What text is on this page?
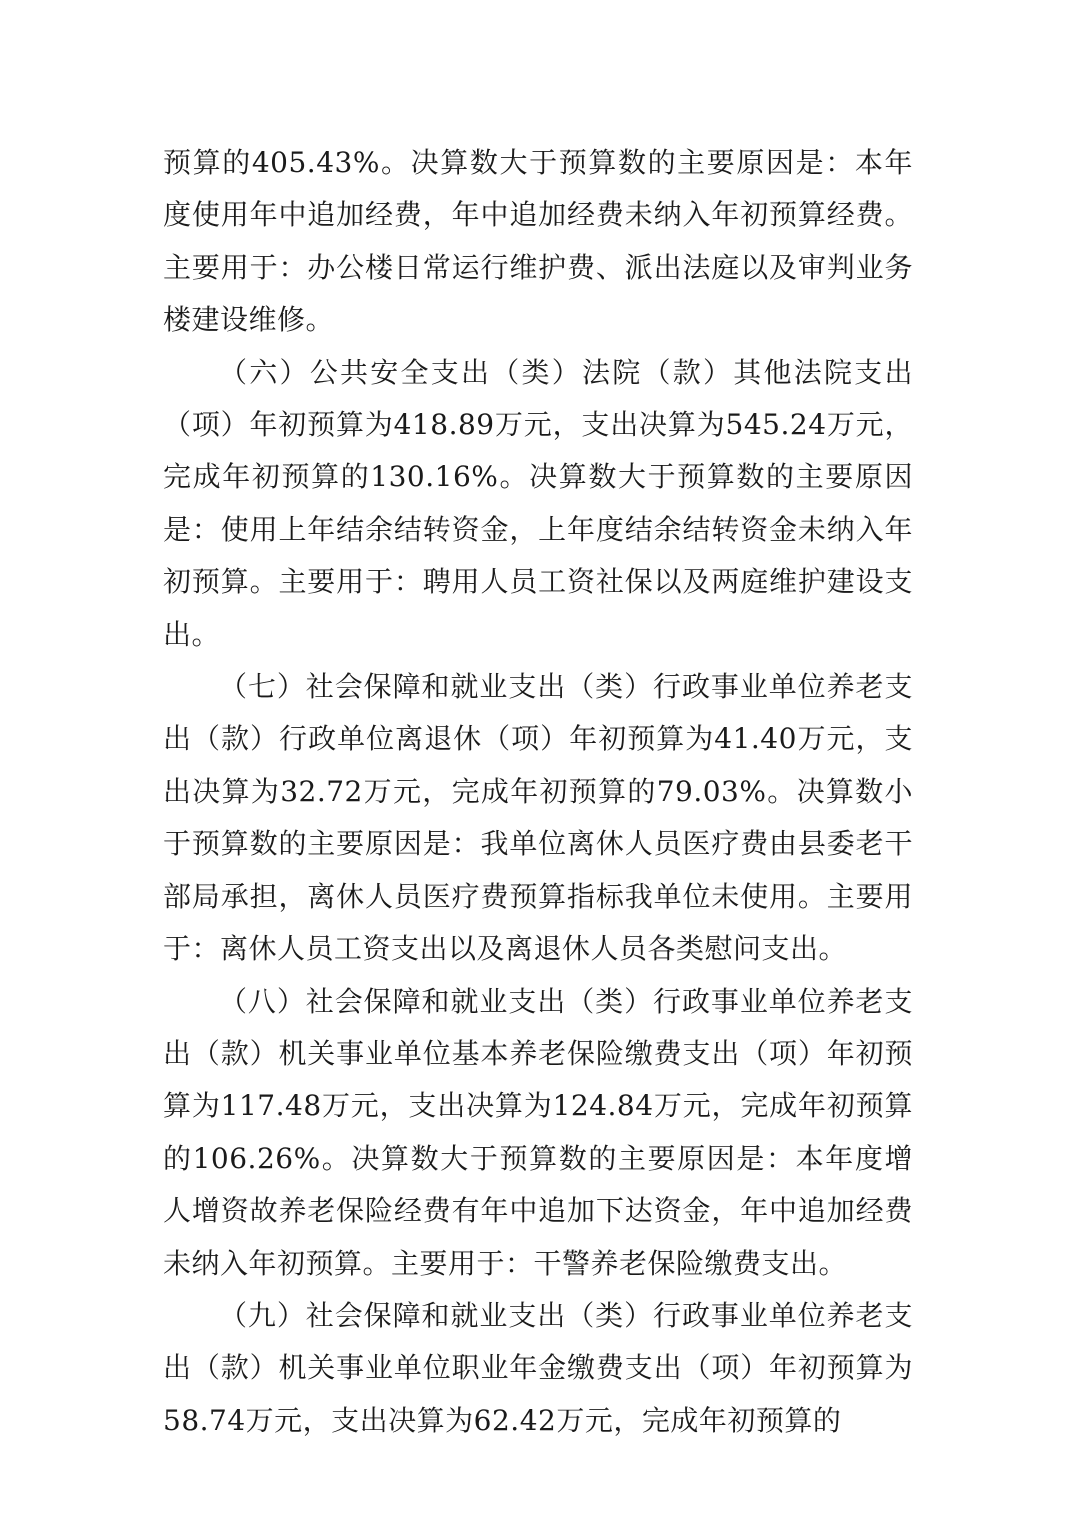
预算的405.43%。决算数大于预算数的主要原因是：本年度使用年中追加经费，年中追加经费未纳入年初预算经费。主要用于：办公楼日常运行维护费、派出法庭以及审判业务楼建设维修。

（六）公共安全支出（类）法院（款）其他法院支出（项）年初预算为418.89万元，支出决算为545.24万元，完成年初预算的130.16%。决算数大于预算数的主要原因是：使用上年结余结转资金，上年度结余结转资金未纳入年初预算。主要用于：聘用人员工资社保以及两庭维护建设支出。

（七）社会保障和就业支出（类）行政事业单位养老支出（款）行政单位离退休（项）年初预算为41.40万元，支出决算为32.72万元，完成年初预算的79.03%。决算数小于预算数的主要原因是：我单位离休人员医疗费由县委老干部局承担，离休人员医疗费预算指标我单位未使用。主要用于：离休人员工资支出以及离退休人员各类慰问支出。

（八）社会保障和就业支出（类）行政事业单位养老支出（款）机关事业单位基本养老保险缴费支出（项）年初预算为117.48万元，支出决算为124.84万元，完成年初预算的106.26%。决算数大于预算数的主要原因是：本年度增人增资故养老保险经费有年中追加下达资金，年中追加经费未纳入年初预算。主要用于：干警养老保险缴费支出。

（九）社会保障和就业支出（类）行政事业单位养老支出（款）机关事业单位职业年金缴费支出（项）年初预算为58.74万元，支出决算为62.42万元，完成年初预算的
